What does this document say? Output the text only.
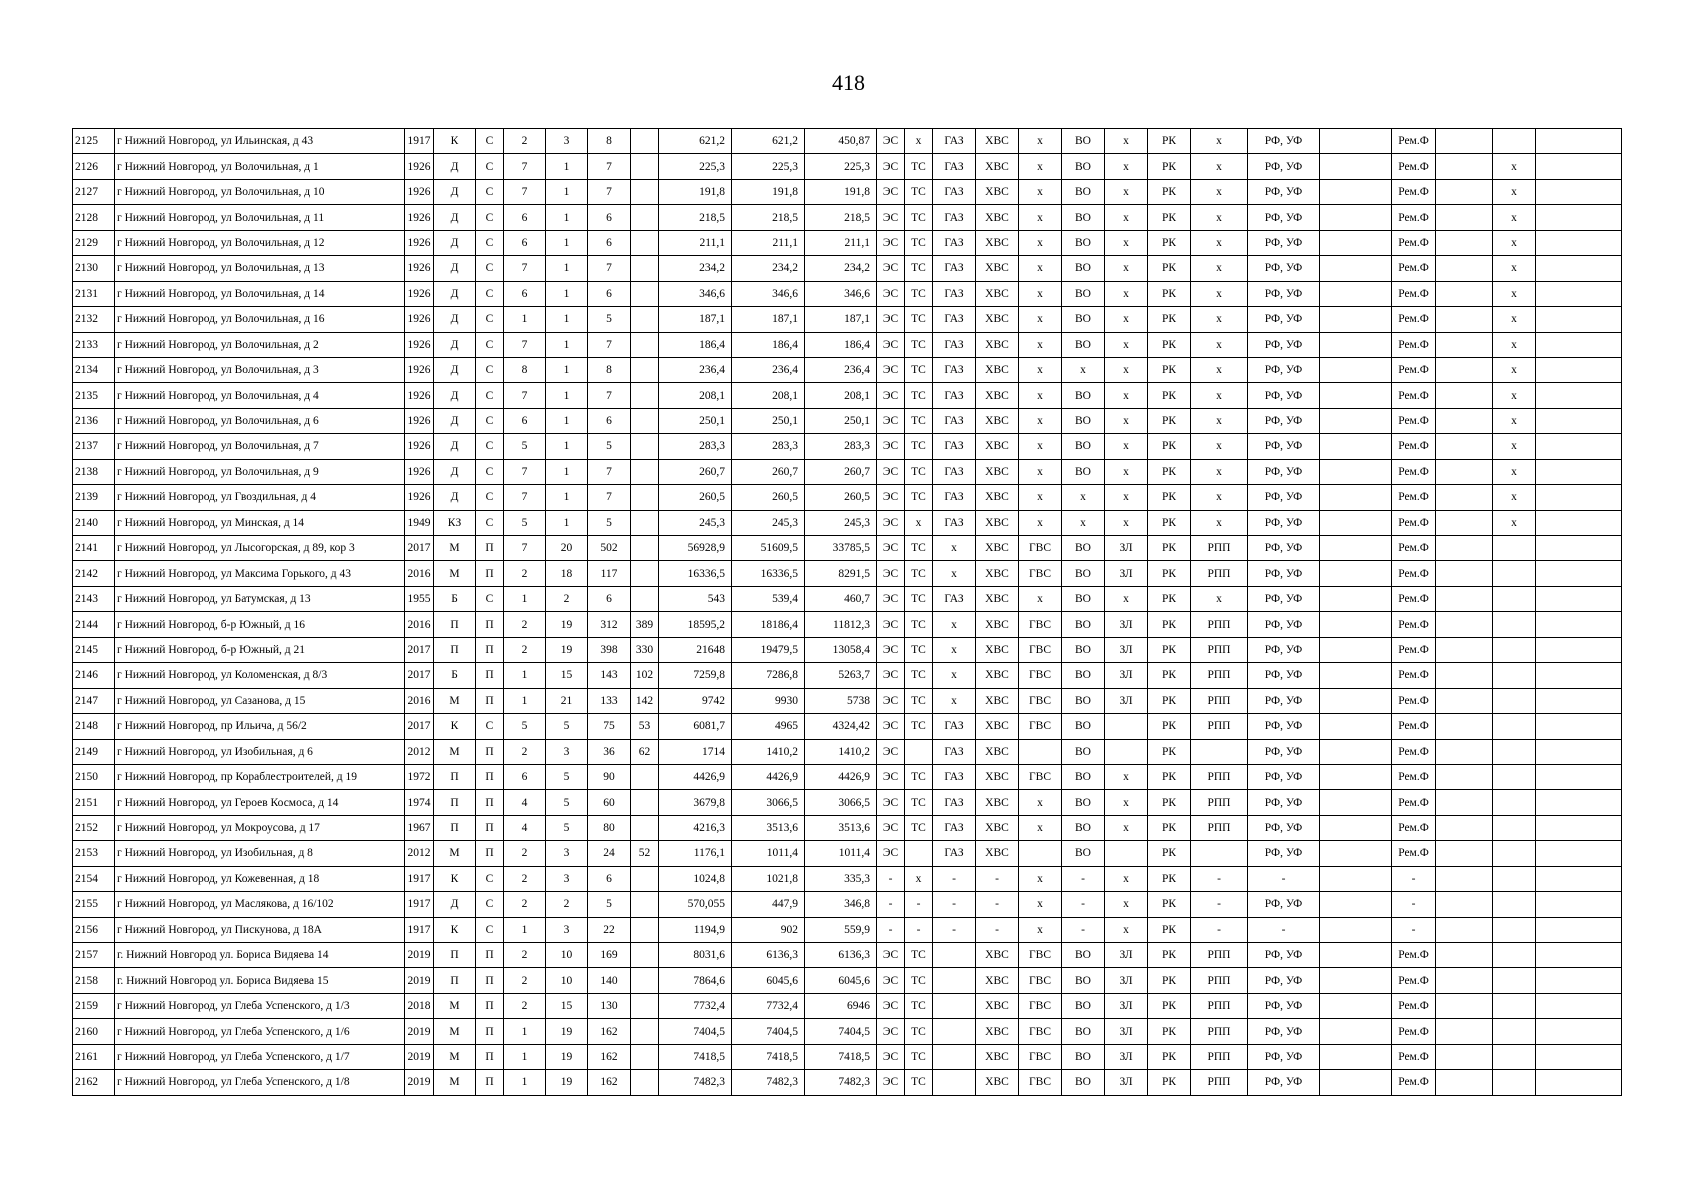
418
2125	г Нижний Новгород, ул Ильинская, д 43	1917	К	С	2	3	8		621,2	621,2	450,87	ЭС	х	ГАЗ	ХВС	х	ВО	х	РК	х	РФ, УФ		Рем.Ф			
2126	г Нижний Новгород, ул Волочильная, д 1	1926	Д	С	7	1	7		225,3	225,3	225,3	ЭС	ТС	ГАЗ	ХВС	х	ВО	х	РК	х	РФ, УФ		Рем.Ф		х	
2127	г Нижний Новгород, ул Волочильная, д 10	1926	Д	С	7	1	7		191,8	191,8	191,8	ЭС	ТС	ГАЗ	ХВС	х	ВО	х	РК	х	РФ, УФ		Рем.Ф		х	
2128	г Нижний Новгород, ул Волочильная, д 11	1926	Д	С	6	1	6		218,5	218,5	218,5	ЭС	ТС	ГАЗ	ХВС	х	ВО	х	РК	х	РФ, УФ		Рем.Ф		х	
2129	г Нижний Новгород, ул Волочильная, д 12	1926	Д	С	6	1	6		211,1	211,1	211,1	ЭС	ТС	ГАЗ	ХВС	х	ВО	х	РК	х	РФ, УФ		Рем.Ф		х	
2130	г Нижний Новгород, ул Волочильная, д 13	1926	Д	С	7	1	7		234,2	234,2	234,2	ЭС	ТС	ГАЗ	ХВС	х	ВО	х	РК	х	РФ, УФ		Рем.Ф		х	
2131	г Нижний Новгород, ул Волочильная, д 14	1926	Д	С	6	1	6		346,6	346,6	346,6	ЭС	ТС	ГАЗ	ХВС	х	ВО	х	РК	х	РФ, УФ		Рем.Ф		х	
2132	г Нижний Новгород, ул Волочильная, д 16	1926	Д	С	1	1	5		187,1	187,1	187,1	ЭС	ТС	ГАЗ	ХВС	х	ВО	х	РК	х	РФ, УФ		Рем.Ф		х	
2133	г Нижний Новгород, ул Волочильная, д 2	1926	Д	С	7	1	7		186,4	186,4	186,4	ЭС	ТС	ГАЗ	ХВС	х	ВО	х	РК	х	РФ, УФ		Рем.Ф		х	
2134	г Нижний Новгород, ул Волочильная, д 3	1926	Д	С	8	1	8		236,4	236,4	236,4	ЭС	ТС	ГАЗ	ХВС	х	х	х	РК	х	РФ, УФ		Рем.Ф		х	
2135	г Нижний Новгород, ул Волочильная, д 4	1926	Д	С	7	1	7		208,1	208,1	208,1	ЭС	ТС	ГАЗ	ХВС	х	ВО	х	РК	х	РФ, УФ		Рем.Ф		х	
2136	г Нижний Новгород, ул Волочильная, д 6	1926	Д	С	6	1	6		250,1	250,1	250,1	ЭС	ТС	ГАЗ	ХВС	х	ВО	х	РК	х	РФ, УФ		Рем.Ф		х	
2137	г Нижний Новгород, ул Волочильная, д 7	1926	Д	С	5	1	5		283,3	283,3	283,3	ЭС	ТС	ГАЗ	ХВС	х	ВО	х	РК	х	РФ, УФ		Рем.Ф		х	
2138	г Нижний Новгород, ул Волочильная, д 9	1926	Д	С	7	1	7		260,7	260,7	260,7	ЭС	ТС	ГАЗ	ХВС	х	ВО	х	РК	х	РФ, УФ		Рем.Ф		х	
2139	г Нижний Новгород, ул Гвоздильная, д 4	1926	Д	С	7	1	7		260,5	260,5	260,5	ЭС	ТС	ГАЗ	ХВС	х	х	х	РК	х	РФ, УФ		Рем.Ф		х	
2140	г Нижний Новгород, ул Минская, д 14	1949	КЗ	С	5	1	5		245,3	245,3	245,3	ЭС	х	ГАЗ	ХВС	х	х	х	РК	х	РФ, УФ		Рем.Ф		х	
2141	г Нижний Новгород, ул Лысогорская, д 89, кор 3	2017	М	П	7	20	502		56928,9	51609,5	33785,5	ЭС	ТС	х	ХВС	ГВС	ВО	ЗЛ	РК	РПП	РФ, УФ		Рем.Ф			
2142	г Нижний Новгород, ул Максима Горького, д 43	2016	М	П	2	18	117		16336,5	16336,5	8291,5	ЭС	ТС	х	ХВС	ГВС	ВО	ЗЛ	РК	РПП	РФ, УФ		Рем.Ф			
2143	г Нижний Новгород, ул Батумская, д 13	1955	Б	С	1	2	6		543	539,4	460,7	ЭС	ТС	ГАЗ	ХВС	х	ВО	х	РК	х	РФ, УФ		Рем.Ф			
2144	г Нижний Новгород, б-р Южный, д 16	2016	П	П	2	19	312	389	18595,2	18186,4	11812,3	ЭС	ТС	х	ХВС	ГВС	ВО	ЗЛ	РК	РПП	РФ, УФ		Рем.Ф			
2145	г Нижний Новгород, б-р Южный, д 21	2017	П	П	2	19	398	330	21648	19479,5	13058,4	ЭС	ТС	х	ХВС	ГВС	ВО	ЗЛ	РК	РПП	РФ, УФ		Рем.Ф			
2146	г Нижний Новгород, ул Коломенская, д 8/3	2017	Б	П	1	15	143	102	7259,8	7286,8	5263,7	ЭС	ТС	х	ХВС	ГВС	ВО	ЗЛ	РК	РПП	РФ, УФ		Рем.Ф			
2147	г Нижний Новгород, ул Сазанова, д 15	2016	М	П	1	21	133	142	9742	9930	5738	ЭС	ТС	х	ХВС	ГВС	ВО	ЗЛ	РК	РПП	РФ, УФ		Рем.Ф			
2148	г Нижний Новгород, пр Ильича, д 56/2	2017	К	С	5	5	75	53	6081,7	4965	4324,42	ЭС	ТС	ГАЗ	ХВС	ГВС	ВО		РК	РПП	РФ, УФ		Рем.Ф			
2149	г Нижний Новгород, ул Изобильная, д 6	2012	М	П	2	3	36	62	1714	1410,2	1410,2	ЭС		ГАЗ	ХВС		ВО		РК		РФ, УФ		Рем.Ф			
2150	г Нижний Новгород, пр Кораблестроителей, д 19	1972	П	П	6	5	90		4426,9	4426,9	4426,9	ЭС	ТС	ГАЗ	ХВС	ГВС	ВО	х	РК	РПП	РФ, УФ		Рем.Ф			
2151	г Нижний Новгород, ул Героев Космоса, д 14	1974	П	П	4	5	60		3679,8	3066,5	3066,5	ЭС	ТС	ГАЗ	ХВС	х	ВО	х	РК	РПП	РФ, УФ		Рем.Ф			
2152	г Нижний Новгород, ул Мокроусова, д 17	1967	П	П	4	5	80		4216,3	3513,6	3513,6	ЭС	ТС	ГАЗ	ХВС	х	ВО	х	РК	РПП	РФ, УФ		Рем.Ф			
2153	г Нижний Новгород, ул Изобильная, д 8	2012	М	П	2	3	24	52	1176,1	1011,4	1011,4	ЭС		ГАЗ	ХВС		ВО		РК		РФ, УФ		Рем.Ф			
2154	г Нижний Новгород, ул Кожевенная, д 18	1917	К	С	2	3	6		1024,8	1021,8	335,3	-	х	-	-	х	-	х	РК	-	-		-			
2155	г Нижний Новгород, ул Маслякова, д 16/102	1917	Д	С	2	2	5		570,055	447,9	346,8	-	-	-	-	х	-	х	РК	-	РФ, УФ		-			
2156	г Нижний Новгород, ул Пискунова, д 18А	1917	К	С	1	3	22		1194,9	902	559,9	-	-	-	-	х	-	х	РК	-	-		-			
2157	г. Нижний Новгород ул. Бориса Видяева 14	2019	П	П	2	10	169		8031,6	6136,3	6136,3	ЭС	ТС		ХВС	ГВС	ВО	ЗЛ	РК	РПП	РФ, УФ		Рем.Ф			
2158	г. Нижний Новгород ул. Бориса Видяева 15	2019	П	П	2	10	140		7864,6	6045,6	6045,6	ЭС	ТС		ХВС	ГВС	ВО	ЗЛ	РК	РПП	РФ, УФ		Рем.Ф			
2159	г Нижний Новгород, ул Глеба Успенского, д 1/3	2018	М	П	2	15	130		7732,4	7732,4	6946	ЭС	ТС		ХВС	ГВС	ВО	ЗЛ	РК	РПП	РФ, УФ		Рем.Ф			
2160	г Нижний Новгород, ул Глеба Успенского, д 1/6	2019	М	П	1	19	162		7404,5	7404,5	7404,5	ЭС	ТС		ХВС	ГВС	ВО	ЗЛ	РК	РПП	РФ, УФ		Рем.Ф			
2161	г Нижний Новгород, ул Глеба Успенского, д 1/7	2019	М	П	1	19	162		7418,5	7418,5	7418,5	ЭС	ТС		ХВС	ГВС	ВО	ЗЛ	РК	РПП	РФ, УФ		Рем.Ф			
2162	г Нижний Новгород, ул Глеба Успенского, д 1/8	2019	М	П	1	19	162		7482,3	7482,3	7482,3	ЭС	ТС		ХВС	ГВС	ВО	ЗЛ	РК	РПП	РФ, УФ		Рем.Ф			
